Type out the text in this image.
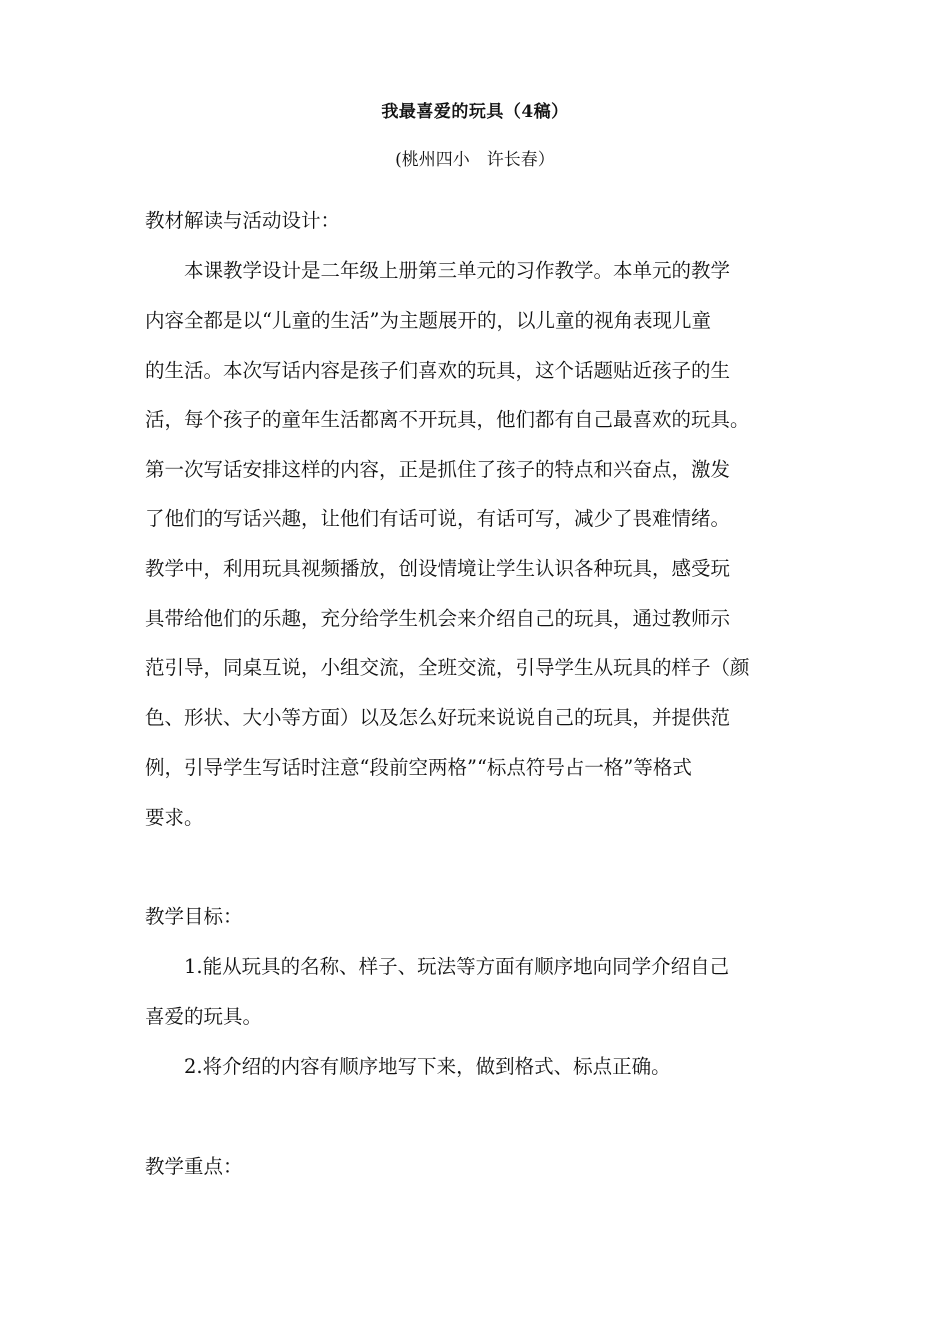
我最喜爱的玩具（4稿）
(桃州四小　许长春）
教材解读与活动设计：
本课教学设计是二年级上册第三单元的习作教学。本单元的教学
内容全都是以“儿童的生活”为主题展开的，以儿童的视角表现儿童
的生活。本次写话内容是孩子们喜欢的玩具，这个话题贴近孩子的生
活，每个孩子的童年生活都离不开玩具，他们都有自己最喜欢的玩具。
第一次写话安排这样的内容，正是抓住了孩子的特点和兴奋点，激发
了他们的写话兴趣，让他们有话可说，有话可写，减少了畏难情绪。
教学中，利用玩具视频播放，创设情境让学生认识各种玩具，感受玩
具带给他们的乐趣，充分给学生机会来介绍自己的玩具，通过教师示
范引导，同桌互说，小组交流，全班交流，引导学生从玩具的样子（颜
色、形状、大小等方面）以及怎么好玩来说说自己的玩具，并提供范
例，引导学生写话时注意“段前空两格”“标点符号占一格”等格式
要求。
教学目标：
1.能从玩具的名称、样子、玩法等方面有顺序地向同学介绍自己
喜爱的玩具。
2.将介绍的内容有顺序地写下来，做到格式、标点正确。
教学重点：
